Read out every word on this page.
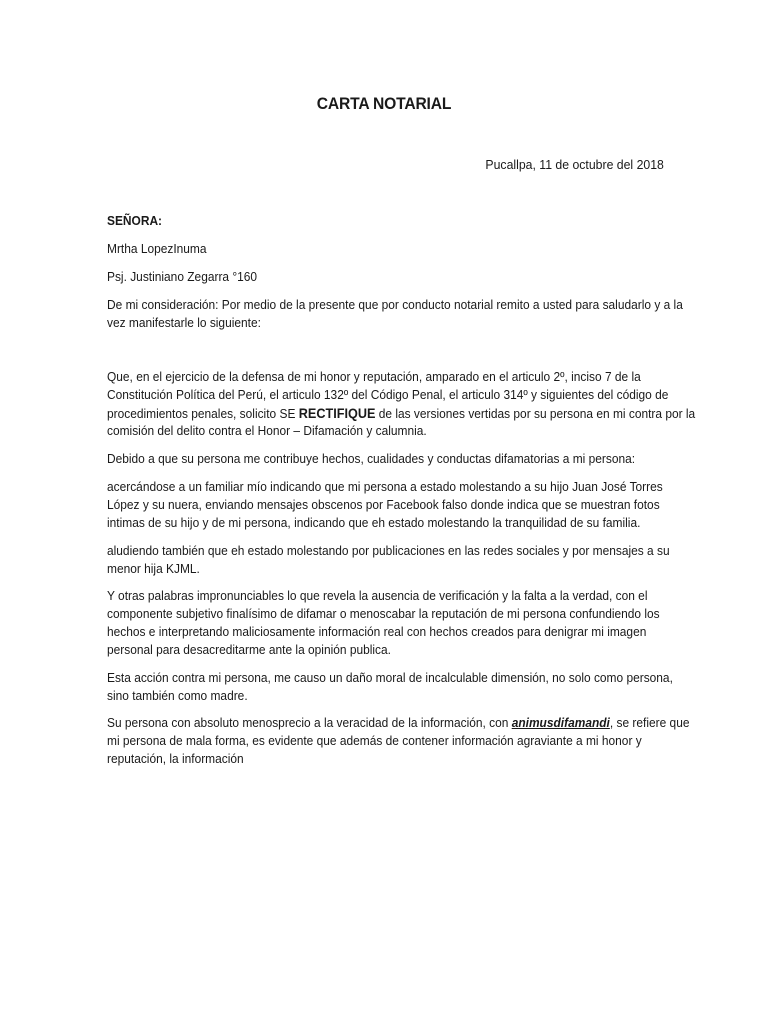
CARTA NOTARIAL
Pucallpa, 11 de octubre del 2018
SEÑORA:
Mrtha LopezInuma
Psj. Justiniano Zegarra °160
De mi consideración: Por medio de la presente que por conducto notarial remito a usted para saludarlo y a la
vez manifestarle lo siguiente:
Que, en el ejercicio de la defensa de mi honor y reputación, amparado en el articulo 2º, inciso 7 de la
Constitución Política del Perú, el articulo 132º del Código Penal, el articulo 314º y siguientes del código de
procedimientos penales, solicito SE RECTIFIQUE de las versiones vertidas por su persona en mi contra por la
comisión del delito contra el Honor – Difamación y calumnia.
Debido a que su persona me contribuye hechos, cualidades y conductas difamatorias a mi persona:
acercándose a un familiar mío indicando que mi persona a estado molestando a su hijo Juan José Torres
López y su nuera, enviando mensajes obscenos por Facebook falso donde indica que se muestran fotos
intimas de su hijo y de mi persona, indicando que eh estado molestando la tranquilidad de su familia.
aludiendo también que eh estado molestando por publicaciones en las redes sociales y por mensajes a su
menor hija KJML.
Y otras palabras impronunciables lo que revela la ausencia de verificación y la falta a la verdad, con el
componente subjetivo finalísimo de difamar o menoscabar la reputación de mi persona confundiendo los
hechos e interpretando maliciosamente información real con hechos creados para denigrar mi imagen
personal para desacreditarme ante la opinión publica.
Esta acción contra mi persona, me causo un daño moral de incalculable dimensión, no solo como persona,
sino también como madre.
Su persona con absoluto menosprecio a la veracidad de la información, con animusdifamandi, se refiere que
mi persona de mala forma, es evidente que además de contener información agraviante a mi honor y
reputación, la información
